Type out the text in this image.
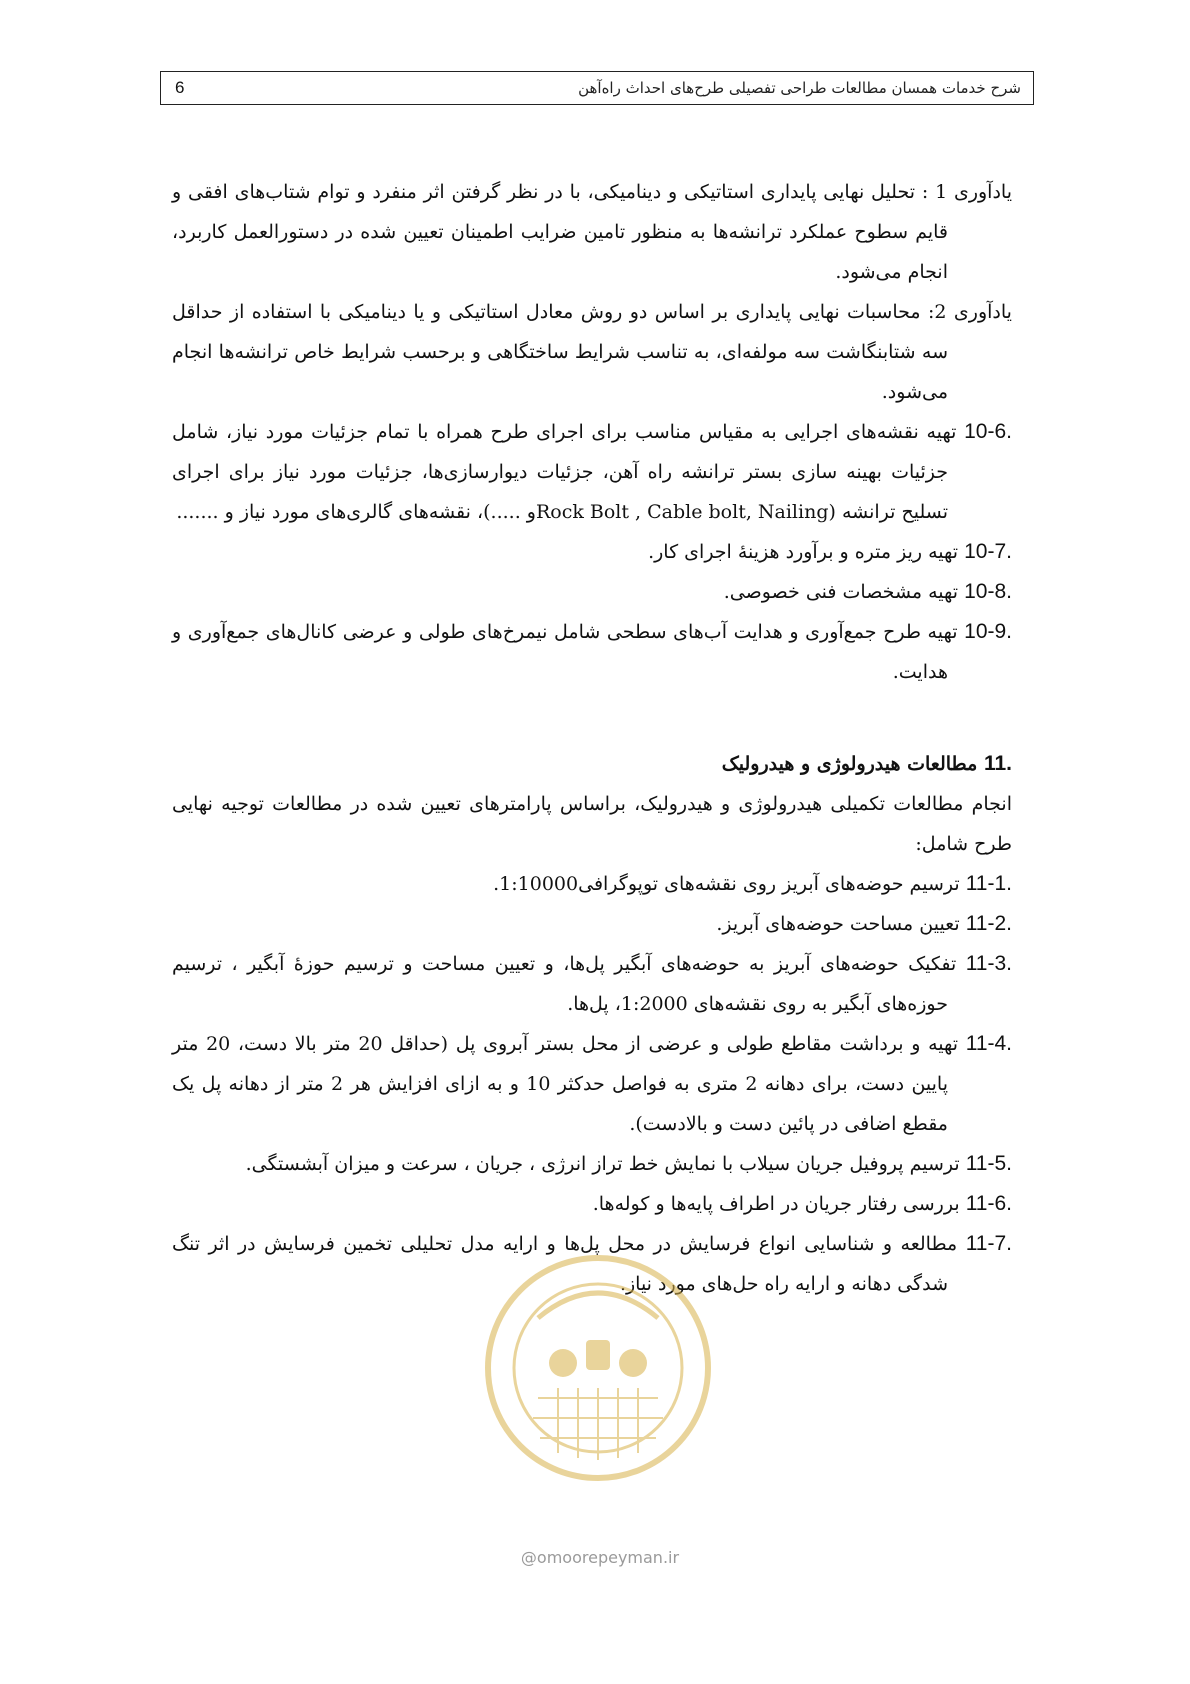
شرح خدمات همسان مطالعات طراحی تفصیلی طرح‌های احداث راه‌آهن
6

یادآوری 1 : تحلیل نهایی پایداری استاتیکی و دینامیکی، با در نظر گرفتن اثر منفرد و توام شتاب‌های افقی و قایم سطوح عملکرد ترانشه‌ها به منظور تامین ضرایب اطمینان تعیین شده در دستورالعمل کاربرد، انجام می‌شود.

یادآوری 2: محاسبات نهایی پایداری بر اساس دو روش معادل استاتیکی و یا دینامیکی با استفاده از حداقل سه شتابنگاشت سه مولفه‌ای، به تناسب شرایط ساختگاهی و برحسب شرایط خاص ترانشه‌ها انجام می‌شود.

10-6. تهیه نقشه‌های اجرایی به مقیاس مناسب برای اجرای طرح همراه با تمام جزئیات مورد نیاز، شامل جزئیات بهینه سازی بستر ترانشه راه آهن، جزئیات دیوارسازی‌ها، جزئیات مورد نیاز برای اجرای تسلیح ترانشه (Rock Bolt , Cable bolt, Nailingو .....)، نقشه‌های گالری‌های مورد نیاز و .......

10-7. تهیه ریز متره و برآورد هزینهٔ اجرای کار.

10-8. تهیه مشخصات فنی خصوصی.

10-9. تهیه طرح جمع‌آوری و هدایت آب‌های سطحی شامل نیمرخ‌های طولی و عرضی کانال‌های جمع‌آوری و هدایت.

11. مطالعات هیدرولوژی و هیدرولیک

انجام مطالعات تکمیلی هیدرولوژی و هیدرولیک، براساس پارامترهای تعیین شده در مطالعات توجیه نهایی طرح شامل:

11-1. ترسیم حوضه‌های آبریز روی نقشه‌های توپوگرافی1:10000.

11-2. تعیین مساحت حوضه‌های آبریز.

11-3. تفکیک حوضه‌های آبریز به حوضه‌های آبگیر پل‌ها، و تعیین مساحت و ترسیم حوزهٔ آبگیر ، ترسیم حوزه‌های آبگیر به روی نقشه‌های 1:2000، پل‌ها.

11-4. تهیه و برداشت مقاطع طولی و عرضی از محل بستر آبروی پل (حداقل 20 متر بالا دست، 20 متر پایین دست، برای دهانه 2 متری به فواصل حدکثر 10 و به ازای افزایش هر 2 متر از دهانه پل یک مقطع اضافی در پائین دست و بالادست).

11-5. ترسیم پروفیل جریان سیلاب با نمایش خط تراز انرژی ، جریان ، سرعت و میزان آبشستگی.

11-6. بررسی رفتار جریان در اطراف پایه‌ها و کوله‌ها.

11-7. مطالعه و شناسایی انواع فرسایش در محل پل‌ها و ارایه مدل تحلیلی تخمین فرسایش در اثر تنگ شدگی دهانه و ارایه راه حل‌های مورد نیاز.

@omoorepeyman.ir
